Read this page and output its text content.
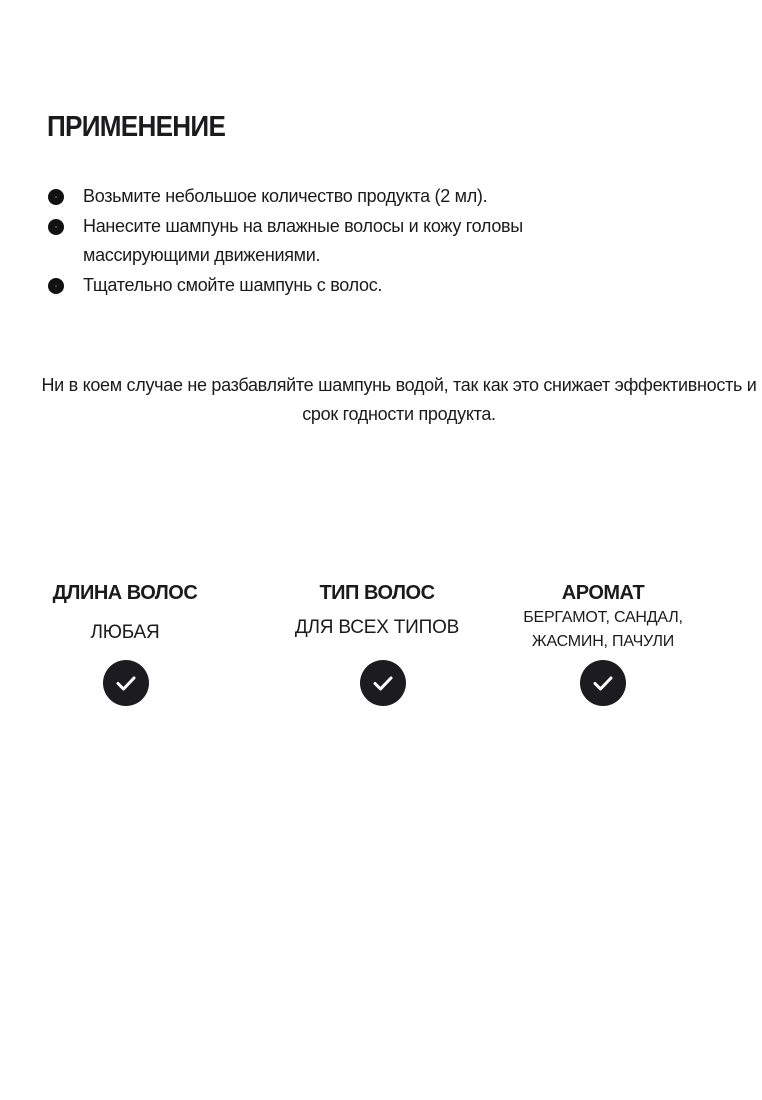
ПРИМЕНЕНИЕ
Возьмите небольшое количество продукта (2 мл).
Нанесите шампунь на влажные волосы и кожу головы массирующими движениями.
Тщательно смойте шампунь с волос.

Ни в коем случае не разбавляйте шампунь водой, так как это снижает эффективность и срок годности продукта.

ДЛИНА ВОЛОС
ЛЮБАЯ
ТИП ВОЛОС
ДЛЯ ВСЕХ ТИПОВ
АРОМАТ
БЕРГАМОТ, САНДАЛ, ЖАСМИН, ПАЧУЛИ
